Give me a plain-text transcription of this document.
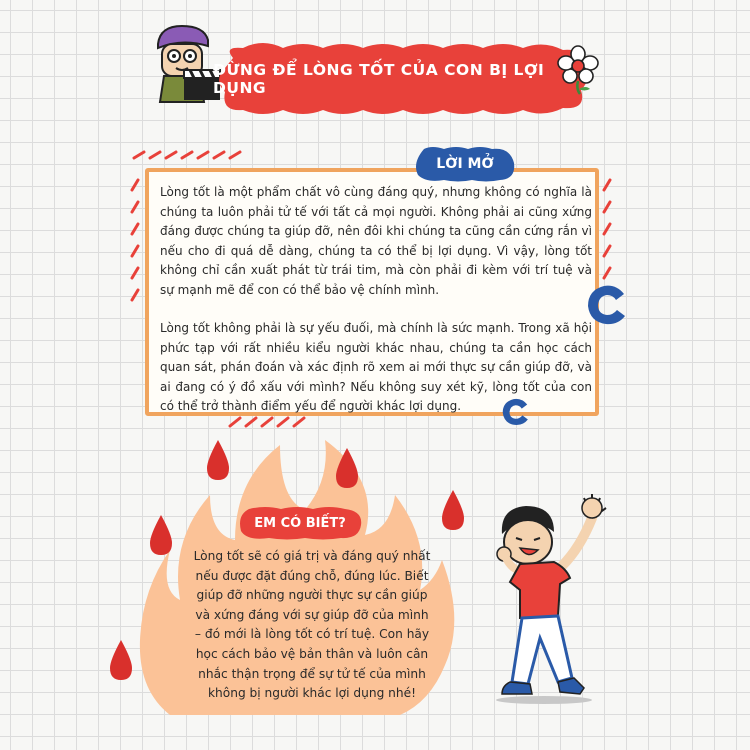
ĐỪNG ĐỂ LÒNG TỐT CỦA CON BỊ LỢI DỤNG
LỜI MỞ

Lòng tốt là một phẩm chất vô cùng đáng quý, nhưng không có nghĩa là chúng ta luôn phải tử tế với tất cả mọi người. Không phải ai cũng xứng đáng được chúng ta giúp đỡ, nên đôi khi chúng ta cũng cần cứng rắn vì nếu cho đi quá dễ dàng, chúng ta có thể bị lợi dụng. Vì vậy, lòng tốt không chỉ cần xuất phát từ trái tim, mà còn phải đi kèm với trí tuệ và sự mạnh mẽ để con có thể bảo vệ chính mình.

Lòng tốt không phải là sự yếu đuối, mà chính là sức mạnh. Trong xã hội phức tạp với rất nhiều kiểu người khác nhau, chúng ta cần học cách quan sát, phán đoán và xác định rõ xem ai mới thực sự cần giúp đỡ, và ai đang có ý đồ xấu với mình? Nếu không suy xét kỹ, lòng tốt của con có thể trở thành điểm yếu để người khác lợi dụng.

EM CÓ BIẾT?
Lòng tốt sẽ có giá trị và đáng quý nhất nếu được đặt đúng chỗ, đúng lúc. Biết giúp đỡ những người thực sự cần giúp và xứng đáng với sự giúp đỡ của mình – đó mới là lòng tốt có trí tuệ. Con hãy học cách bảo vệ bản thân và luôn cân nhắc thận trọng để sự tử tế của mình không bị người khác lợi dụng nhé!
